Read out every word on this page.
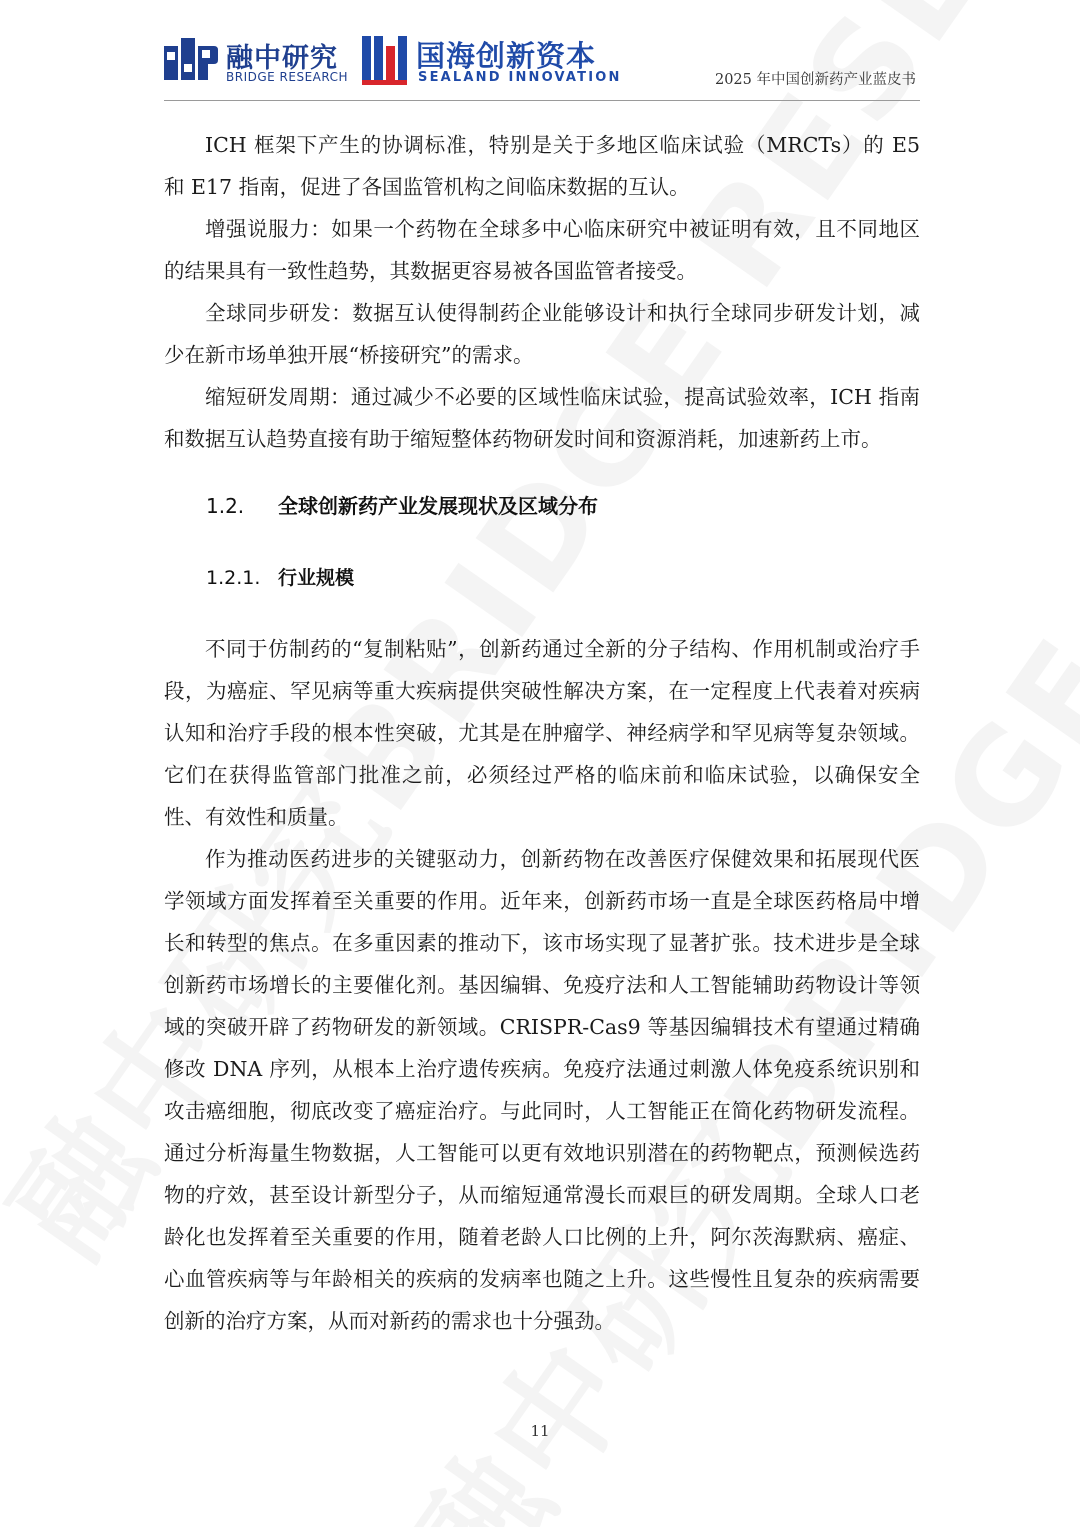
融中研究
BRIDGE RESEARCH
国海创新资本
SEALAND INNOVATION	2025 年中国创新药产业蓝皮书

ICH 框架下产生的协调标准，特别是关于多地区临床试验（MRCTs）的 E5 和 E17 指南，促进了各国监管机构之间临床数据的互认。

增强说服力：如果一个药物在全球多中心临床研究中被证明有效，且不同地区的结果具有一致性趋势，其数据更容易被各国监管者接受。

全球同步研发：数据互认使得制药企业能够设计和执行全球同步研发计划，减少在新市场单独开展“桥接研究”的需求。

缩短研发周期：通过减少不必要的区域性临床试验，提高试验效率，ICH 指南和数据互认趋势直接有助于缩短整体药物研发时间和资源消耗，加速新药上市。

1.2. 全球创新药产业发展现状及区域分布
1.2.1. 行业规模

不同于仿制药的“复制粘贴”，创新药通过全新的分子结构、作用机制或治疗手段，为癌症、罕见病等重大疾病提供突破性解决方案，在一定程度上代表着对疾病认知和治疗手段的根本性突破，尤其是在肿瘤学、神经病学和罕见病等复杂领域。它们在获得监管部门批准之前，必须经过严格的临床前和临床试验，以确保安全性、有效性和质量。

作为推动医药进步的关键驱动力，创新药物在改善医疗保健效果和拓展现代医学领域方面发挥着至关重要的作用。近年来，创新药市场一直是全球医药格局中增长和转型的焦点。在多重因素的推动下，该市场实现了显著扩张。技术进步是全球创新药市场增长的主要催化剂。基因编辑、免疫疗法和人工智能辅助药物设计等领域的突破开辟了药物研发的新领域。CRISPR-Cas9 等基因编辑技术有望通过精确修改 DNA 序列，从根本上治疗遗传疾病。免疫疗法通过刺激人体免疫系统识别和攻击癌细胞，彻底改变了癌症治疗。与此同时，人工智能正在简化药物研发流程。通过分析海量生物数据，人工智能可以更有效地识别潜在的药物靶点，预测候选药物的疗效，甚至设计新型分子，从而缩短通常漫长而艰巨的研发周期。全球人口老龄化也发挥着至关重要的作用，随着老龄人口比例的上升，阿尔茨海默病、癌症、心血管疾病等与年龄相关的疾病的发病率也随之上升。这些慢性且复杂的疾病需要创新的治疗方案，从而对新药的需求也十分强劲。

11
